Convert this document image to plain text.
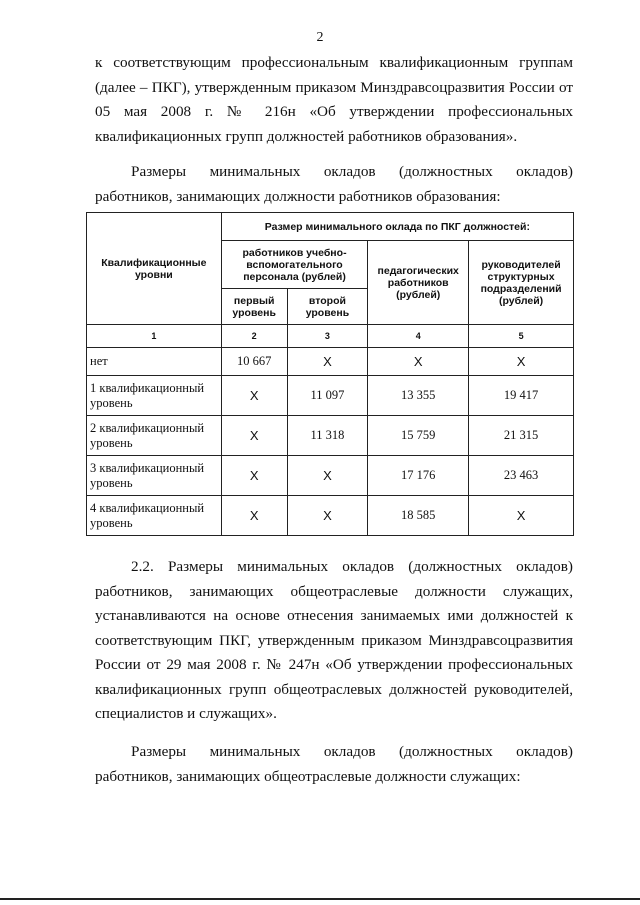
2

к соответствующим профессиональным квалификационным группам (далее – ПКГ), утвержденным приказом Минздравсоцразвития России от 05 мая 2008 г. № 216н «Об утверждении профессиональных квалификационных групп должностей работников образования».

Размеры минимальных окладов (должностных окладов) работников, занимающих должности работников образования:

Квалификационные уровни	Размер минимального оклада по ПКГ должностей:			
	работников учебно-вспомогательного персонала (рублей)		педагогических работников (рублей)	руководителей структурных подразделений (рублей)
	первый уровень	второй уровень		
1	2	3	4	5
нет	10 667	Х	Х	Х
1 квалификационный уровень	Х	11 097	13 355	19 417
2 квалификационный уровень	Х	11 318	15 759	21 315
3 квалификационный уровень	Х	Х	17 176	23 463
4 квалификационный уровень	Х	Х	18 585	Х

2.2. Размеры минимальных окладов (должностных окладов) работников, занимающих общеотраслевые должности служащих, устанавливаются на основе отнесения занимаемых ими должностей к соответствующим ПКГ, утвержденным приказом Минздравсоцразвития России от 29 мая 2008 г. № 247н «Об утверждении профессиональных квалификационных групп общеотраслевых должностей руководителей, специалистов и служащих».

Размеры минимальных окладов (должностных окладов) работников, занимающих общеотраслевые должности служащих:
